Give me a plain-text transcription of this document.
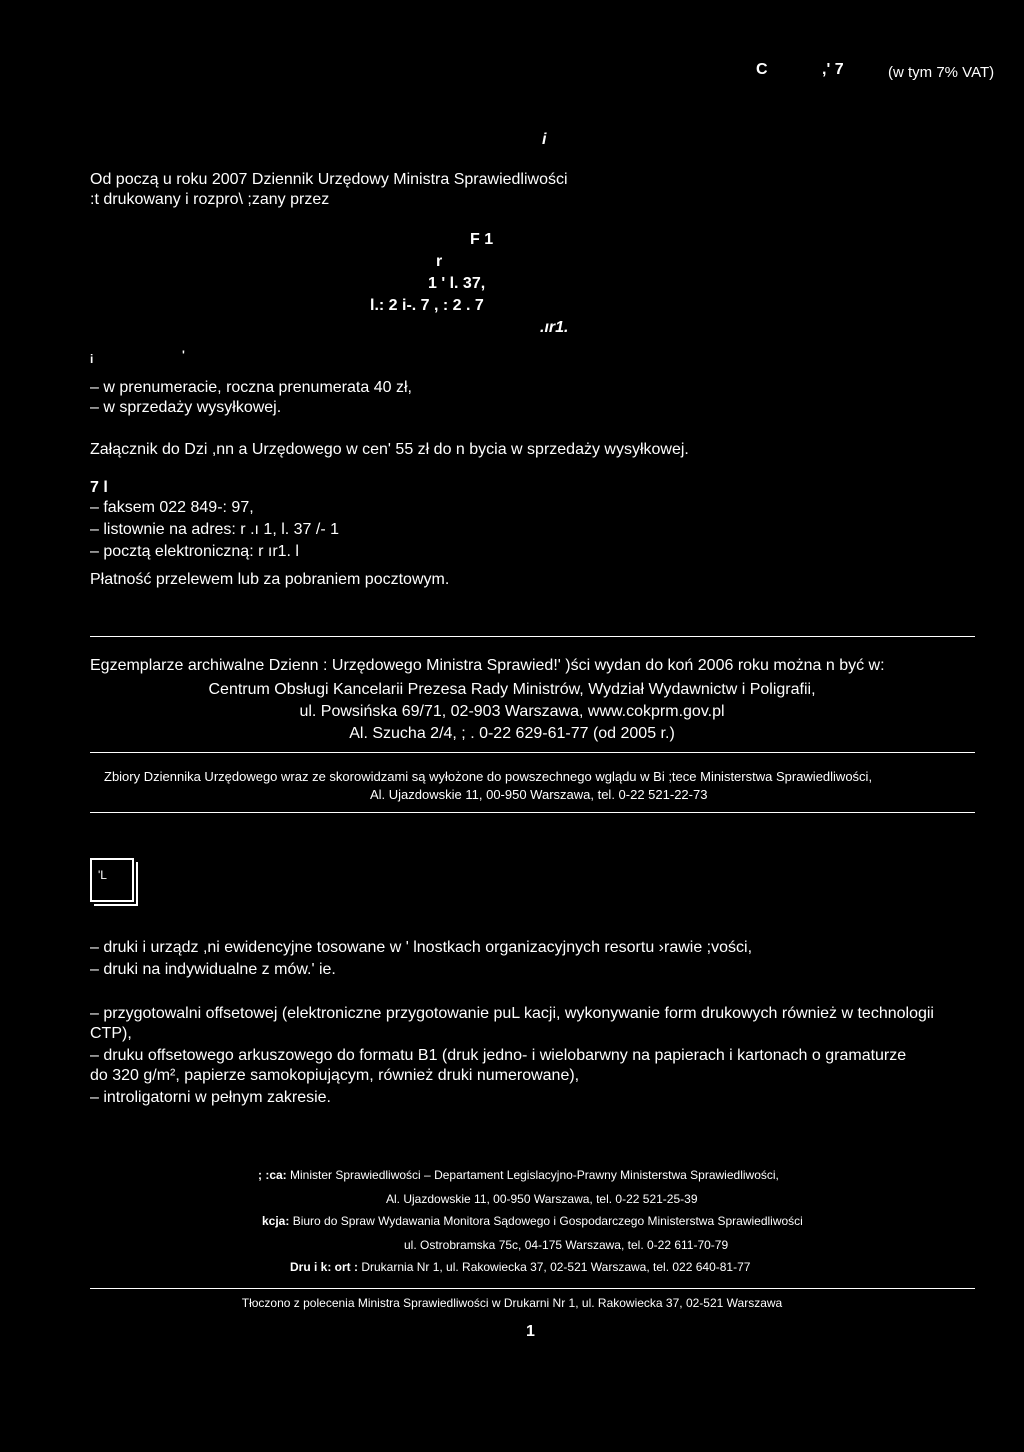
C	,' 7	(w tym 7% VAT)
i
Od począ u roku 2007 Dziennik Urzędowy Ministra Sprawiedliwości
:t drukowany i rozpro\ ;zany przez
F 1
r
1 ' l. 37,
l.: 2 i-. 7 , : 2 . 7
.ır1.
i	'
– w prenumeracie, roczna prenumerata 40 zł,
– w sprzedaży wysyłkowej.
Załącznik do Dzi ,nn a Urzędowego w cen' 55 zł do n bycia w sprzedaży wysyłkowej.
7 l
– faksem 022 849-: 97,
– listownie na adres: r .ı 1, l. 37 /- 1
– pocztą elektroniczną: r ır1. l
Płatność przelewem lub za pobraniem pocztowym.
Egzemplarze archiwalne Dzienn : Urzędowego Ministra Sprawied!' )ści wydan do koń 2006 roku można n być w:
Centrum Obsługi Kancelarii Prezesa Rady Ministrów, Wydział Wydawnictw i Poligrafii,
ul. Powsińska 69/71, 02-903 Warszawa, www.cokprm.gov.pl
Al. Szucha 2/4, ; . 0-22 629-61-77 (od 2005 r.)
Zbiory Dziennika Urzędowego wraz ze skorowidzami są wyłożone do powszechnego wglądu w Bi ;tece Ministerstwa Sprawiedliwości,
Al. Ujazdowskie 11, 00-950 Warszawa, tel. 0-22 521-22-73
'L
– druki i urządz ,ni ewidencyjne tosowane w ' lnostkach organizacyjnych resortu ›rawie ;vości,
– druki na indywidualne z mów.' ie.
– przygotowalni offsetowej (elektroniczne przygotowanie puL kacji, wykonywanie form drukowych również w technologii
CTP),
– druku offsetowego arkuszowego do formatu B1 (druk jedno- i wielobarwny na papierach i kartonach o gramaturze
do 320 g/m², papierze samokopiującym, również druki numerowane),
– introligatorni w pełnym zakresie.
; :ca: Minister Sprawiedliwości – Departament Legislacyjno-Prawny Ministerstwa Sprawiedliwości,
Al. Ujazdowskie 11, 00-950 Warszawa, tel. 0-22 521-25-39
kcja: Biuro do Spraw Wydawania Monitora Sądowego i Gospodarczego Ministerstwa Sprawiedliwości
ul. Ostrobramska 75c, 04-175 Warszawa, tel. 0-22 611-70-79
Dru i k: ort : Drukarnia Nr 1, ul. Rakowiecka 37, 02-521 Warszawa, tel. 022 640-81-77
Tłoczono z polecenia Ministra Sprawiedliwości w Drukarni Nr 1, ul. Rakowiecka 37, 02-521 Warszawa
1
